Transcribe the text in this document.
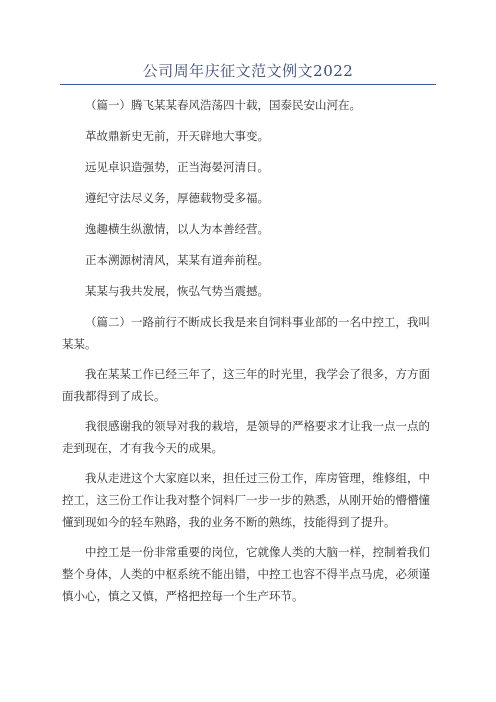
公司周年庆征文范文例文2022

（篇一）腾飞某某春风浩荡四十载，国泰民安山河在。

革故鼎新史无前，开天辟地大事变。

远见卓识造强势，正当海晏河清日。

遵纪守法尽义务，厚德载物受多福。

逸趣横生纵激情，以人为本善经营。

正本溯源树清风，某某有道奔前程。

某某与我共发展，恢弘气势当震撼。

（篇二）一路前行不断成长我是来自饲料事业部的一名中控工，我叫某某。

我在某某工作已经三年了，这三年的时光里，我学会了很多，方方面面我都得到了成长。

我很感谢我的领导对我的栽培，是领导的严格要求才让我一点一点的走到现在，才有我今天的成果。

我从走进这个大家庭以来，担任过三份工作，库房管理，维修组，中控工，这三份工作让我对整个饲料厂一步一步的熟悉，从刚开始的懵懵懂懂到现如今的轻车熟路，我的业务不断的熟练，技能得到了提升。

中控工是一份非常重要的岗位，它就像人类的大脑一样，控制着我们整个身体，人类的中枢系统不能出错，中控工也容不得半点马虎，必须谨慎小心，慎之又慎，严格把控每一个生产环节。
